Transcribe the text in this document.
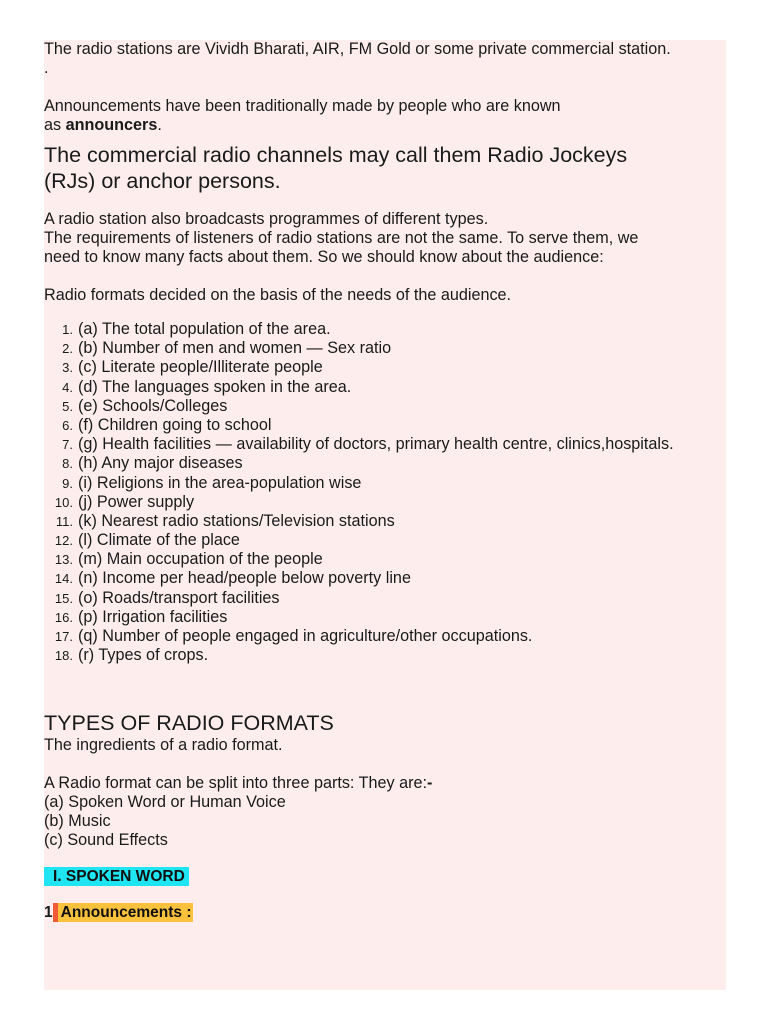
The radio stations are Vividh Bharati, AIR, FM Gold or some private commercial station.
.

Announcements have been traditionally made by people who are known
as announcers.

The commercial radio channels may call them Radio Jockeys
(RJs) or anchor persons.

A radio station also broadcasts programmes of different types.
The requirements of listeners of radio stations are not the same. To serve them, we
need to know many facts about them. So we should know about the audience:

Radio formats decided on the basis of the needs of the audience.

1. (a) The total population of the area.
2. (b) Number of men and women — Sex ratio
3. (c) Literate people/Illiterate people
4. (d) The languages spoken in the area.
5. (e) Schools/Colleges
6. (f) Children going to school
7. (g) Health facilities — availability of doctors, primary health centre, clinics,hospitals.
8. (h) Any major diseases
9. (i) Religions in the area-population wise
10. (j) Power supply
11. (k) Nearest radio stations/Television stations
12. (l) Climate of the place
13. (m) Main occupation of the people
14. (n) Income per head/people below poverty line
15. (o) Roads/transport facilities
16. (p) Irrigation facilities
17. (q) Number of people engaged in agriculture/other occupations.
18. (r) Types of crops.

TYPES OF RADIO FORMATS

The ingredients of a radio format.

A Radio format can be split into three parts: They are:-
(a) Spoken Word or Human Voice
(b) Music
(c) Sound Effects

I. SPOKEN WORD

1Announcements :
